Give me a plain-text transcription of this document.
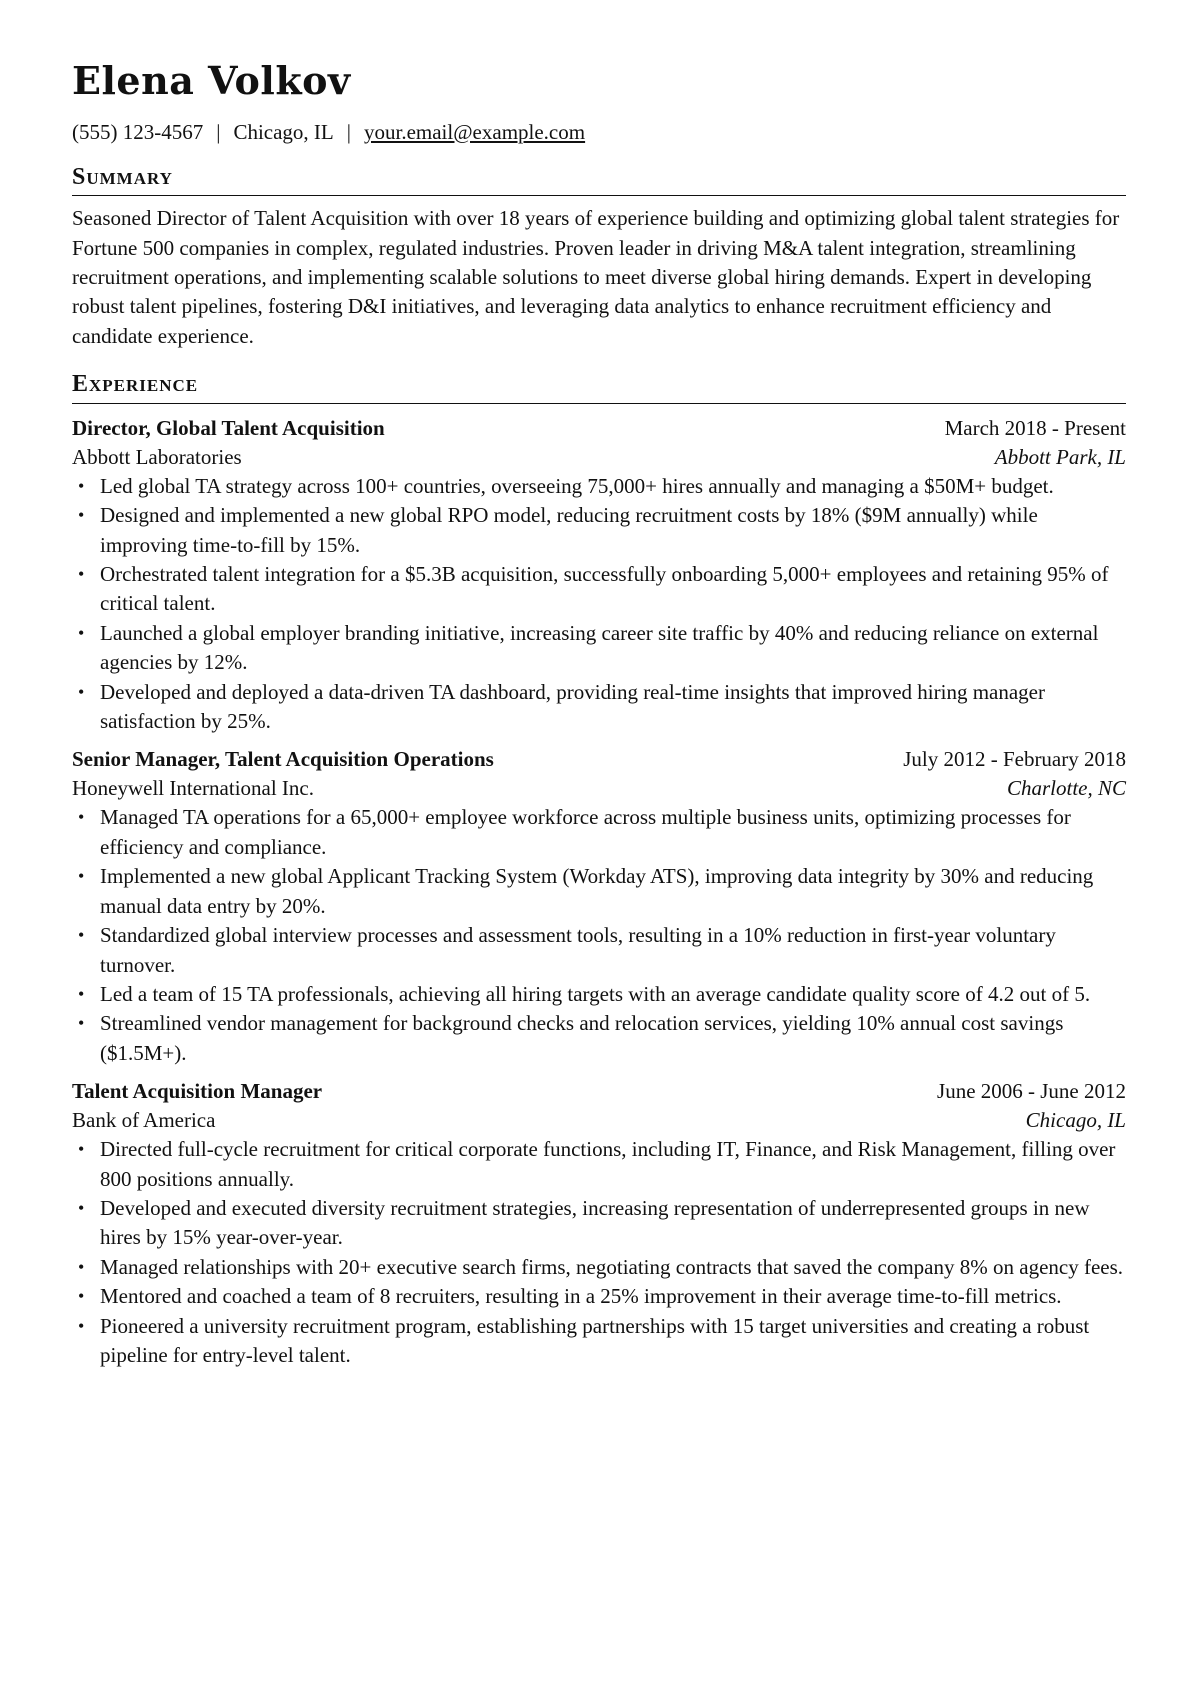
Elena Volkov
(555) 123-4567 | Chicago, IL | your.email@example.com
Summary
Seasoned Director of Talent Acquisition with over 18 years of experience building and optimizing global talent strategies for Fortune 500 companies in complex, regulated industries. Proven leader in driving M&A talent integration, streamlining recruitment operations, and implementing scalable solutions to meet diverse global hiring demands. Expert in developing robust talent pipelines, fostering D&I initiatives, and leveraging data analytics to enhance recruitment efficiency and candidate experience.
Experience
Director, Global Talent Acquisition	March 2018 - Present
Abbott Laboratories	Abbott Park, IL
• Led global TA strategy across 100+ countries, overseeing 75,000+ hires annually and managing a $50M+ budget.
• Designed and implemented a new global RPO model, reducing recruitment costs by 18% ($9M annually) while improving time-to-fill by 15%.
• Orchestrated talent integration for a $5.3B acquisition, successfully onboarding 5,000+ employees and retaining 95% of critical talent.
• Launched a global employer branding initiative, increasing career site traffic by 40% and reducing reliance on external agencies by 12%.
• Developed and deployed a data-driven TA dashboard, providing real-time insights that improved hiring manager satisfaction by 25%.
Senior Manager, Talent Acquisition Operations	July 2012 - February 2018
Honeywell International Inc.	Charlotte, NC
• Managed TA operations for a 65,000+ employee workforce across multiple business units, optimizing processes for efficiency and compliance.
• Implemented a new global Applicant Tracking System (Workday ATS), improving data integrity by 30% and reducing manual data entry by 20%.
• Standardized global interview processes and assessment tools, resulting in a 10% reduction in first-year voluntary turnover.
• Led a team of 15 TA professionals, achieving all hiring targets with an average candidate quality score of 4.2 out of 5.
• Streamlined vendor management for background checks and relocation services, yielding 10% annual cost savings ($1.5M+).
Talent Acquisition Manager	June 2006 - June 2012
Bank of America	Chicago, IL
• Directed full-cycle recruitment for critical corporate functions, including IT, Finance, and Risk Management, filling over 800 positions annually.
• Developed and executed diversity recruitment strategies, increasing representation of underrepresented groups in new hires by 15% year-over-year.
• Managed relationships with 20+ executive search firms, negotiating contracts that saved the company 8% on agency fees.
• Mentored and coached a team of 8 recruiters, resulting in a 25% improvement in their average time-to-fill metrics.
• Pioneered a university recruitment program, establishing partnerships with 15 target universities and creating a robust pipeline for entry-level talent.
